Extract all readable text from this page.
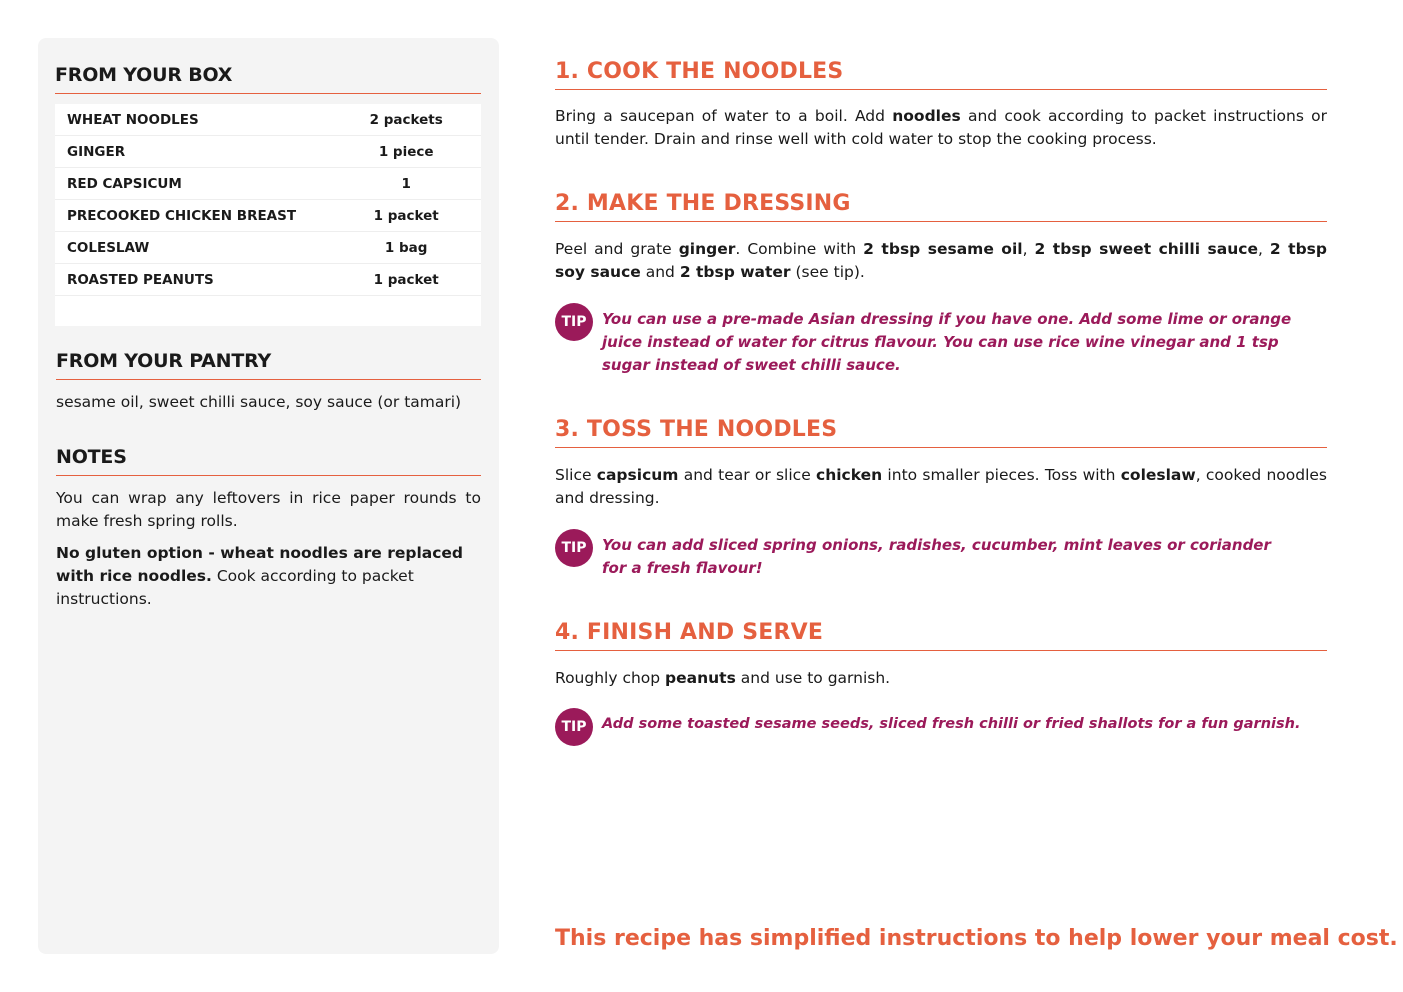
FROM YOUR BOX
WHEAT NOODLES	2 packets
GINGER	1 piece
RED CAPSICUM	1
PRECOOKED CHICKEN BREAST	1 packet
COLESLAW	1 bag
ROASTED PEANUTS	1 packet
FROM YOUR PANTRY

sesame oil, sweet chilli sauce, soy sauce (or tamari)

NOTES

You can wrap any leftovers in rice paper rounds to make fresh spring rolls.

No gluten option - wheat noodles are replaced with rice noodles. Cook according to packet instructions.

1. COOK THE NOODLES

Bring a saucepan of water to a boil. Add noodles and cook according to packet instructions or until tender. Drain and rinse well with cold water to stop the cooking process.

2. MAKE THE DRESSING

Peel and grate ginger. Combine with 2 tbsp sesame oil, 2 tbsp sweet chilli sauce, 2 tbsp soy sauce and 2 tbsp water (see tip).

TIP	You can use a pre-made Asian dressing if you have one. Add some lime or orange juice instead of water for citrus flavour. You can use rice wine vinegar and 1 tsp sugar instead of sweet chilli sauce.
3. TOSS THE NOODLES

Slice capsicum and tear or slice chicken into smaller pieces. Toss with coleslaw, cooked noodles and dressing.

TIP	You can add sliced spring onions, radishes, cucumber, mint leaves or coriander for a fresh flavour!
4. FINISH AND SERVE

Roughly chop peanuts and use to garnish.

TIP	Add some toasted sesame seeds, sliced fresh chilli or fried shallots for a fun garnish.

This recipe has simplified instructions to help lower your meal cost.
